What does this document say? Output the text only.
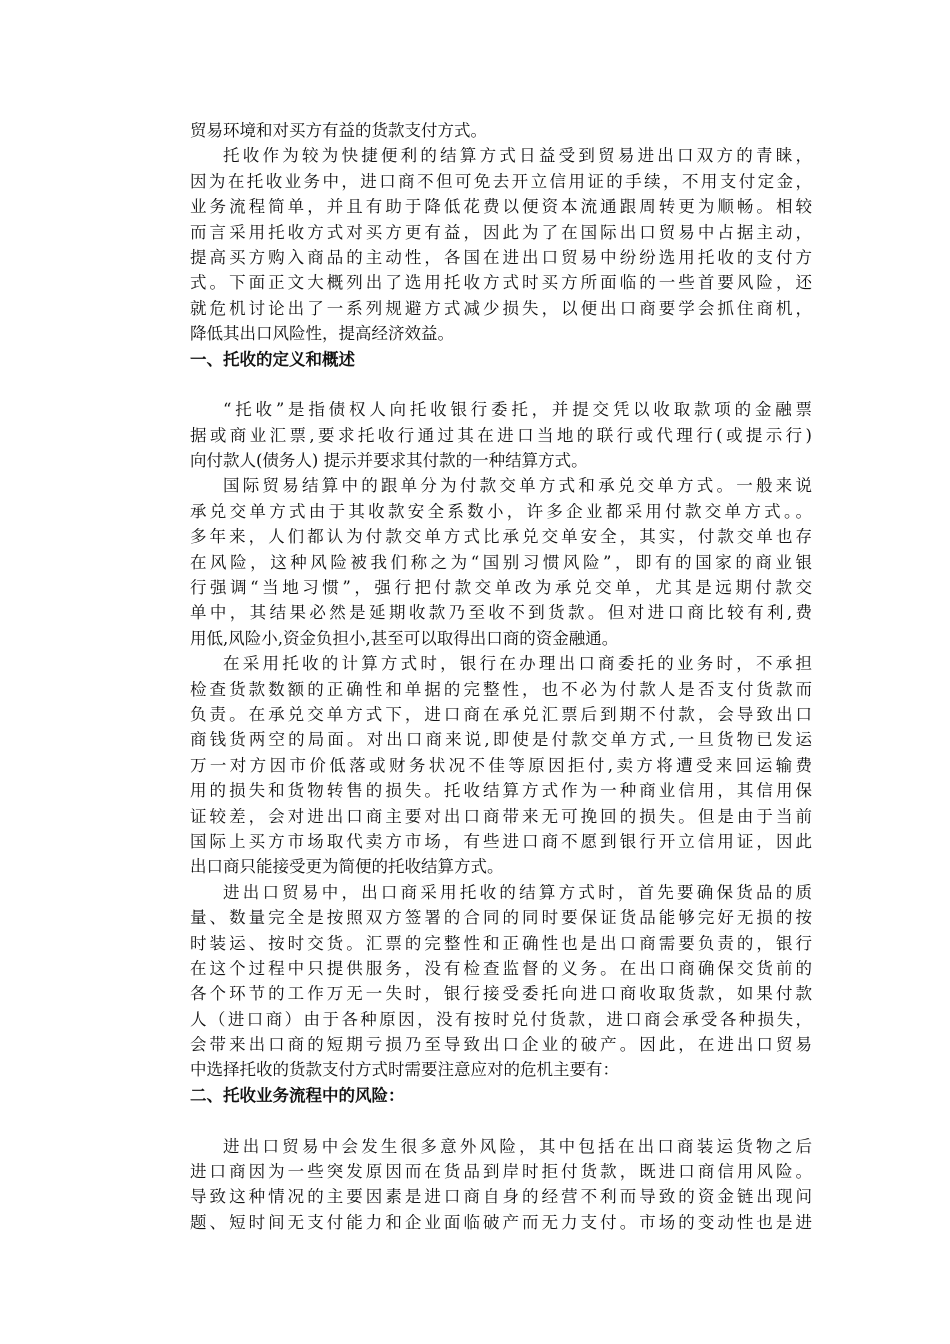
贸易环境和对买方有益的货款支付方式。

托收作为较为快捷便利的结算方式日益受到贸易进出口双方的青睐，

因为在托收业务中，进口商不但可免去开立信用证的手续，不用支付定金，

业务流程简单，并且有助于降低花费以便资本流通跟周转更为顺畅。相较

而言采用托收方式对买方更有益，因此为了在国际出口贸易中占据主动，

提高买方购入商品的主动性，各国在进出口贸易中纷纷选用托收的支付方

式。下面正文大概列出了选用托收方式时买方所面临的一些首要风险，还

就危机讨论出了一系列规避方式减少损失，以便出口商要学会抓住商机，

降低其出口风险性，提高经济效益。

一、托收的定义和概述

“托收”是指债权人向托收银行委托，并提交凭以收取款项的金融票

据或商业汇票,要求托收行通过其在进口当地的联行或代理行(或提示行)

向付款人(债务人) 提示并要求其付款的一种结算方式。

国际贸易结算中的跟单分为付款交单方式和承兑交单方式。一般来说

承兑交单方式由于其收款安全系数小，许多企业都采用付款交单方式。。

多年来，人们都认为付款交单方式比承兑交单安全，其实，付款交单也存

在风险，这种风险被我们称之为“国别习惯风险”，即有的国家的商业银

行强调“当地习惯”，强行把付款交单改为承兑交单，尤其是远期付款交

单中，其结果必然是延期收款乃至收不到货款。但对进口商比较有利,费

用低,风险小,资金负担小,甚至可以取得出口商的资金融通。

在采用托收的计算方式时，银行在办理出口商委托的业务时，不承担

检查货款数额的正确性和单据的完整性，也不必为付款人是否支付货款而

负责。在承兑交单方式下，进口商在承兑汇票后到期不付款，会导致出口

商钱货两空的局面。对出口商来说,即使是付款交单方式,一旦货物已发运

万一对方因市价低落或财务状况不佳等原因拒付,卖方将遭受来回运输费

用的损失和货物转售的损失。托收结算方式作为一种商业信用，其信用保

证较差，会对进出口商主要对出口商带来无可挽回的损失。但是由于当前

国际上买方市场取代卖方市场，有些进口商不愿到银行开立信用证，因此

出口商只能接受更为简便的托收结算方式。

进出口贸易中，出口商采用托收的结算方式时，首先要确保货品的质

量、数量完全是按照双方签署的合同的同时要保证货品能够完好无损的按

时装运、按时交货。汇票的完整性和正确性也是出口商需要负责的，银行

在这个过程中只提供服务，没有检查监督的义务。在出口商确保交货前的

各个环节的工作万无一失时，银行接受委托向进口商收取货款，如果付款

人（进口商）由于各种原因，没有按时兑付货款，进口商会承受各种损失，

会带来出口商的短期亏损乃至导致出口企业的破产。因此，在进出口贸易

中选择托收的货款支付方式时需要注意应对的危机主要有：

二、托收业务流程中的风险：

进出口贸易中会发生很多意外风险，其中包括在出口商装运货物之后

进口商因为一些突发原因而在货品到岸时拒付货款，既进口商信用风险。

导致这种情况的主要因素是进口商自身的经营不利而导致的资金链出现问

题、短时间无支付能力和企业面临破产而无力支付。市场的变动性也是进
